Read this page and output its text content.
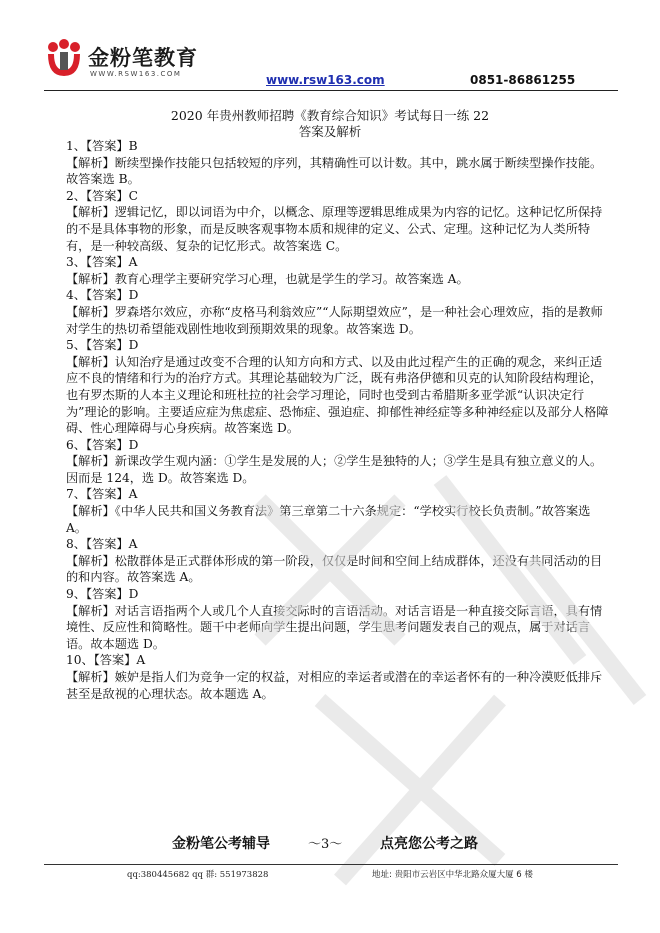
金粉笔教育
WWW.RSW163.COM	www.rsw163.com	0851-86861255
2020 年贵州教师招聘《教育综合知识》考试每日一练 22
答案及解析

1、【答案】B

【解析】断续型操作技能只包括较短的序列，其精确性可以计数。其中，跳水属于断续型操作技能。故答案选 B。

2、【答案】C

【解析】逻辑记忆，即以词语为中介，以概念、原理等逻辑思维成果为内容的记忆。这种记忆所保持的不是具体事物的形象，而是反映客观事物本质和规律的定义、公式、定理。这种记忆为人类所特有，是一种较高级、复杂的记忆形式。故答案选 C。

3、【答案】A

【解析】教育心理学主要研究学习心理，也就是学生的学习。故答案选 A。

4、【答案】D

【解析】罗森塔尔效应，亦称“皮格马利翁效应”“人际期望效应”，是一种社会心理效应，指的是教师对学生的热切希望能戏剧性地收到预期效果的现象。故答案选 D。

5、【答案】D

【解析】认知治疗是通过改变不合理的认知方向和方式、以及由此过程产生的正确的观念，来纠正适应不良的情绪和行为的治疗方式。其理论基础较为广泛，既有弗洛伊德和贝克的认知阶段结构理论，也有罗杰斯的人本主义理论和班杜拉的社会学习理论，同时也受到古希腊斯多亚学派“认识决定行为”理论的影响。主要适应症为焦虑症、恐怖症、强迫症、抑郁性神经症等多种神经症以及部分人格障碍、性心理障碍与心身疾病。故答案选 D。

6、【答案】D

【解析】新课改学生观内涵：①学生是发展的人；②学生是独特的人；③学生是具有独立意义的人。因而是 124，选 D。故答案选 D。

7、【答案】A

【解析】《中华人民共和国义务教育法》第三章第二十六条规定：“学校实行校长负责制。”故答案选 A。

8、【答案】A

【解析】松散群体是正式群体形成的第一阶段，仅仅是时间和空间上结成群体，还没有共同活动的目的和内容。故答案选 A。

9、【答案】D

【解析】对话言语指两个人或几个人直接交际时的言语活动。对话言语是一种直接交际言语，具有情境性、反应性和简略性。题干中老师向学生提出问题，学生思考问题发表自己的观点，属于对话言语。故本题选 D。

10、【答案】A

【解析】嫉妒是指人们为竞争一定的权益，对相应的幸运者或潜在的幸运者怀有的一种冷漠贬低排斥甚至是敌视的心理状态。故本题选 A。

金粉笔公考辅导	～3～	点亮您公考之路
qq:380445682 qq 群: 551973828	地址: 贵阳市云岩区中华北路众厦大厦 6 楼
